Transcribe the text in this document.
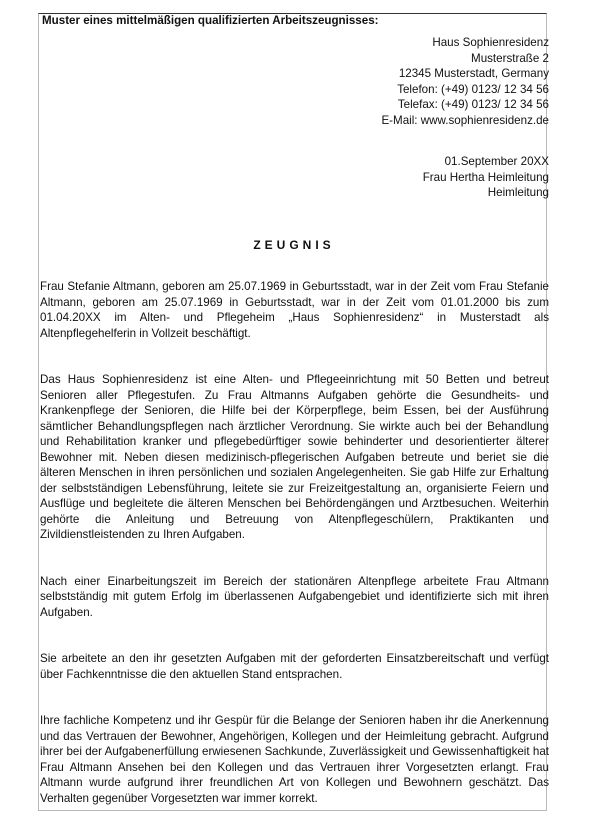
Muster eines mittelmäßigen qualifizierten Arbeitszeugnisses:
Haus Sophienresidenz
Musterstraße 2
12345 Musterstadt, Germany
Telefon: (+49) 0123/ 12 34 56
Telefax: (+49) 0123/ 12 34 56
E-Mail: www.sophienresidenz.de
01.September 20XX
Frau Hertha Heimleitung
Heimleitung
ZEUGNIS

Frau Stefanie Altmann, geboren am 25.07.1969 in Geburtsstadt, war in der Zeit vom Frau Stefanie Altmann, geboren am 25.07.1969 in Geburtsstadt, war in der Zeit vom 01.01.2000 bis zum 01.04.20XX im Alten- und Pflegeheim „Haus Sophienresidenz“ in Musterstadt als Altenpflegehelferin in Vollzeit beschäftigt.

Das Haus Sophienresidenz ist eine Alten- und Pflegeeinrichtung mit 50 Betten und betreut Senioren aller Pflegestufen. Zu Frau Altmanns Aufgaben gehörte die Gesundheits- und Krankenpflege der Senioren, die Hilfe bei der Körperpflege, beim Essen, bei der Ausführung sämtlicher Behandlungspflegen nach ärztlicher Verordnung. Sie wirkte auch bei der Behandlung und Rehabilitation kranker und pflegebedürftiger sowie behinderter und desorientierter älterer Bewohner mit. Neben diesen medizinisch-pflegerischen Aufgaben betreute und beriet sie die älteren Menschen in ihren persönlichen und sozialen Angelegenheiten. Sie gab Hilfe zur Erhaltung der selbstständigen Lebensführung, leitete sie zur Freizeitgestaltung an, organisierte Feiern und Ausflüge und begleitete die älteren Menschen bei Behördengängen und Arztbesuchen. Weiterhin gehörte die Anleitung und Betreuung von Altenpflegeschülern, Praktikanten und Zivildienstleistenden zu Ihren Aufgaben.

Nach einer Einarbeitungszeit im Bereich der stationären Altenpflege arbeitete Frau Altmann selbstständig mit gutem Erfolg im überlassenen Aufgabengebiet und identifizierte sich mit ihren Aufgaben.

Sie arbeitete an den ihr gesetzten Aufgaben mit der geforderten Einsatzbereitschaft und verfügt über Fachkenntnisse die den aktuellen Stand entsprachen.

Ihre fachliche Kompetenz und ihr Gespür für die Belange der Senioren haben ihr die Anerkennung und das Vertrauen der Bewohner, Angehörigen, Kollegen und der Heimleitung gebracht. Aufgrund ihrer bei der Aufgabenerfüllung erwiesenen Sachkunde, Zuverlässigkeit und Gewissenhaftigkeit hat Frau Altmann Ansehen bei den Kollegen und das Vertrauen ihrer Vorgesetzten erlangt. Frau Altmann wurde aufgrund ihrer freundlichen Art von Kollegen und Bewohnern geschätzt. Das Verhalten gegenüber Vorgesetzten war immer korrekt.
